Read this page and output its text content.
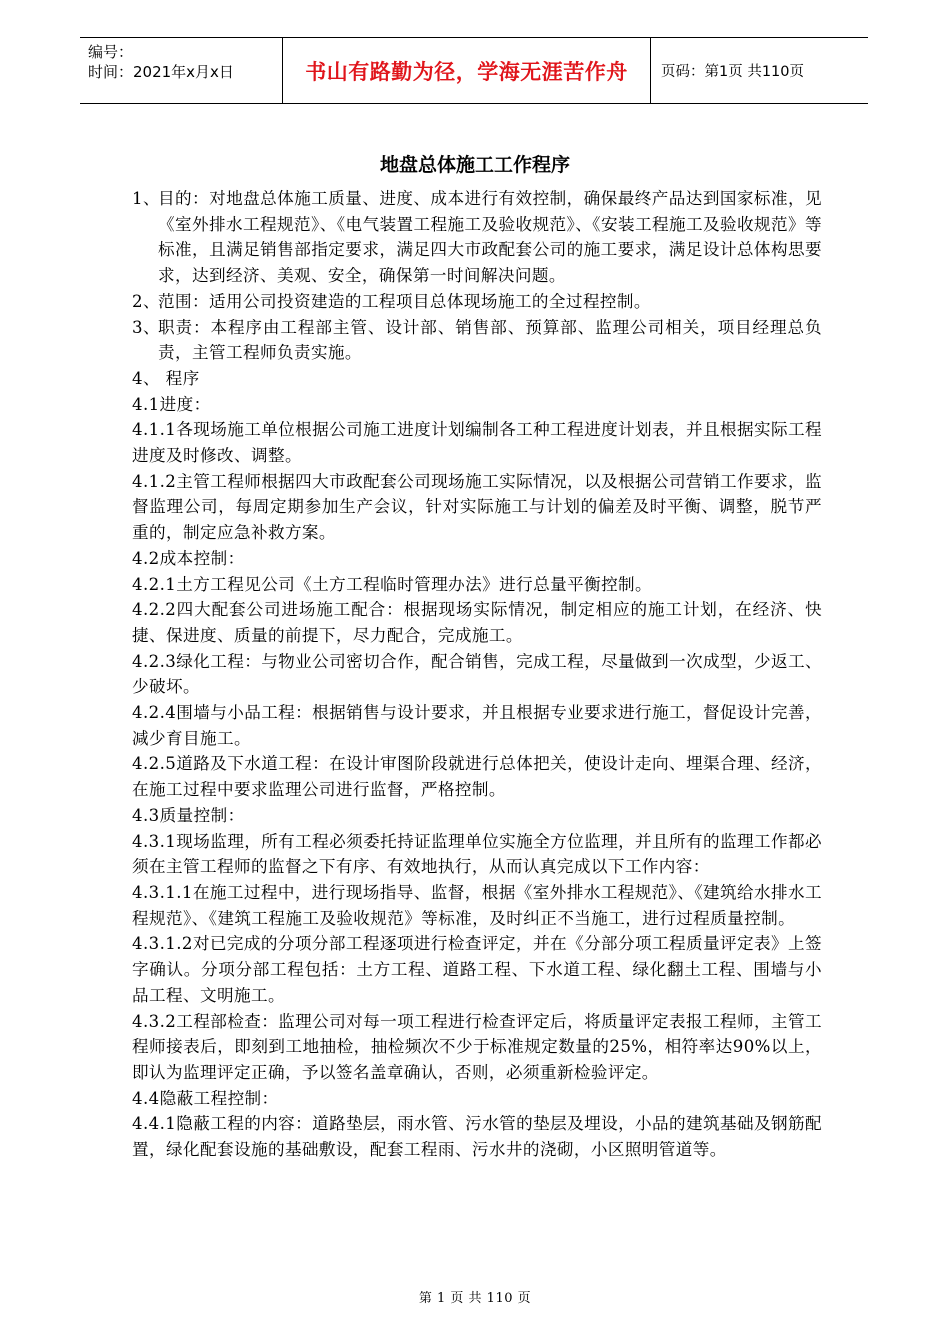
编号：
时间：2021年x月x日	书山有路勤为径，学海无涯苦作舟 页码：第1页 共110页
地盘总体施工工作程序
1、
目的：对地盘总体施工质量、进度、成本进行有效控制，确保最终产品达到国家标准，见《室外排水工程规范》、《电气装置工程施工及验收规范》、《安装工程施工及验收规范》等标准，且满足销售部指定要求，满足四大市政配套公司的施工要求，满足设计总体构思要求，达到经济、美观、安全，确保第一时间解决问题。
2、
范围：适用公司投资建造的工程项目总体现场施工的全过程控制。
3、
职责：本程序由工程部主管、设计部、销售部、预算部、监理公司相关，项目经理总负责，主管工程师负责实施。

4、 程序

4.1进度：

4.1.1各现场施工单位根据公司施工进度计划编制各工种工程进度计划表，并且根据实际工程进度及时修改、调整。

4.1.2主管工程师根据四大市政配套公司现场施工实际情况，以及根据公司营销工作要求，监督监理公司，每周定期参加生产会议，针对实际施工与计划的偏差及时平衡、调整，脱节严重的，制定应急补救方案。

4.2成本控制：

4.2.1土方工程见公司《土方工程临时管理办法》进行总量平衡控制。

4.2.2四大配套公司进场施工配合：根据现场实际情况，制定相应的施工计划，在经济、快捷、保进度、质量的前提下，尽力配合，完成施工。

4.2.3绿化工程：与物业公司密切合作，配合销售，完成工程，尽量做到一次成型，少返工、少破坏。

4.2.4围墙与小品工程：根据销售与设计要求，并且根据专业要求进行施工，督促设计完善，减少育目施工。

4.2.5道路及下水道工程：在设计审图阶段就进行总体把关，使设计走向、埋渠合理、经济，在施工过程中要求监理公司进行监督，严格控制。

4.3质量控制：

4.3.1现场监理，所有工程必须委托持证监理单位实施全方位监理，并且所有的监理工作都必须在主管工程师的监督之下有序、有效地执行，从而认真完成以下工作内容：

4.3.1.1在施工过程中，进行现场指导、监督，根据《室外排水工程规范》、《建筑给水排水工程规范》、《建筑工程施工及验收规范》等标准，及时纠正不当施工，进行过程质量控制。

4.3.1.2对已完成的分项分部工程逐项进行检查评定，并在《分部分项工程质量评定表》上签字确认。分项分部工程包括：土方工程、道路工程、下水道工程、绿化翻土工程、围墙与小品工程、文明施工。

4.3.2工程部检查：监理公司对每一项工程进行检查评定后，将质量评定表报工程师，主管工程师接表后，即刻到工地抽检，抽检频次不少于标准规定数量的25%，相符率达90%以上，即认为监理评定正确，予以签名盖章确认，否则，必须重新检验评定。

4.4隐蔽工程控制：

4.4.1隐蔽工程的内容：道路垫层，雨水管、污水管的垫层及埋设，小品的建筑基础及钢筋配置，绿化配套设施的基础敷设，配套工程雨、污水井的浇砌，小区照明管道等。

第 1 页 共 110 页
